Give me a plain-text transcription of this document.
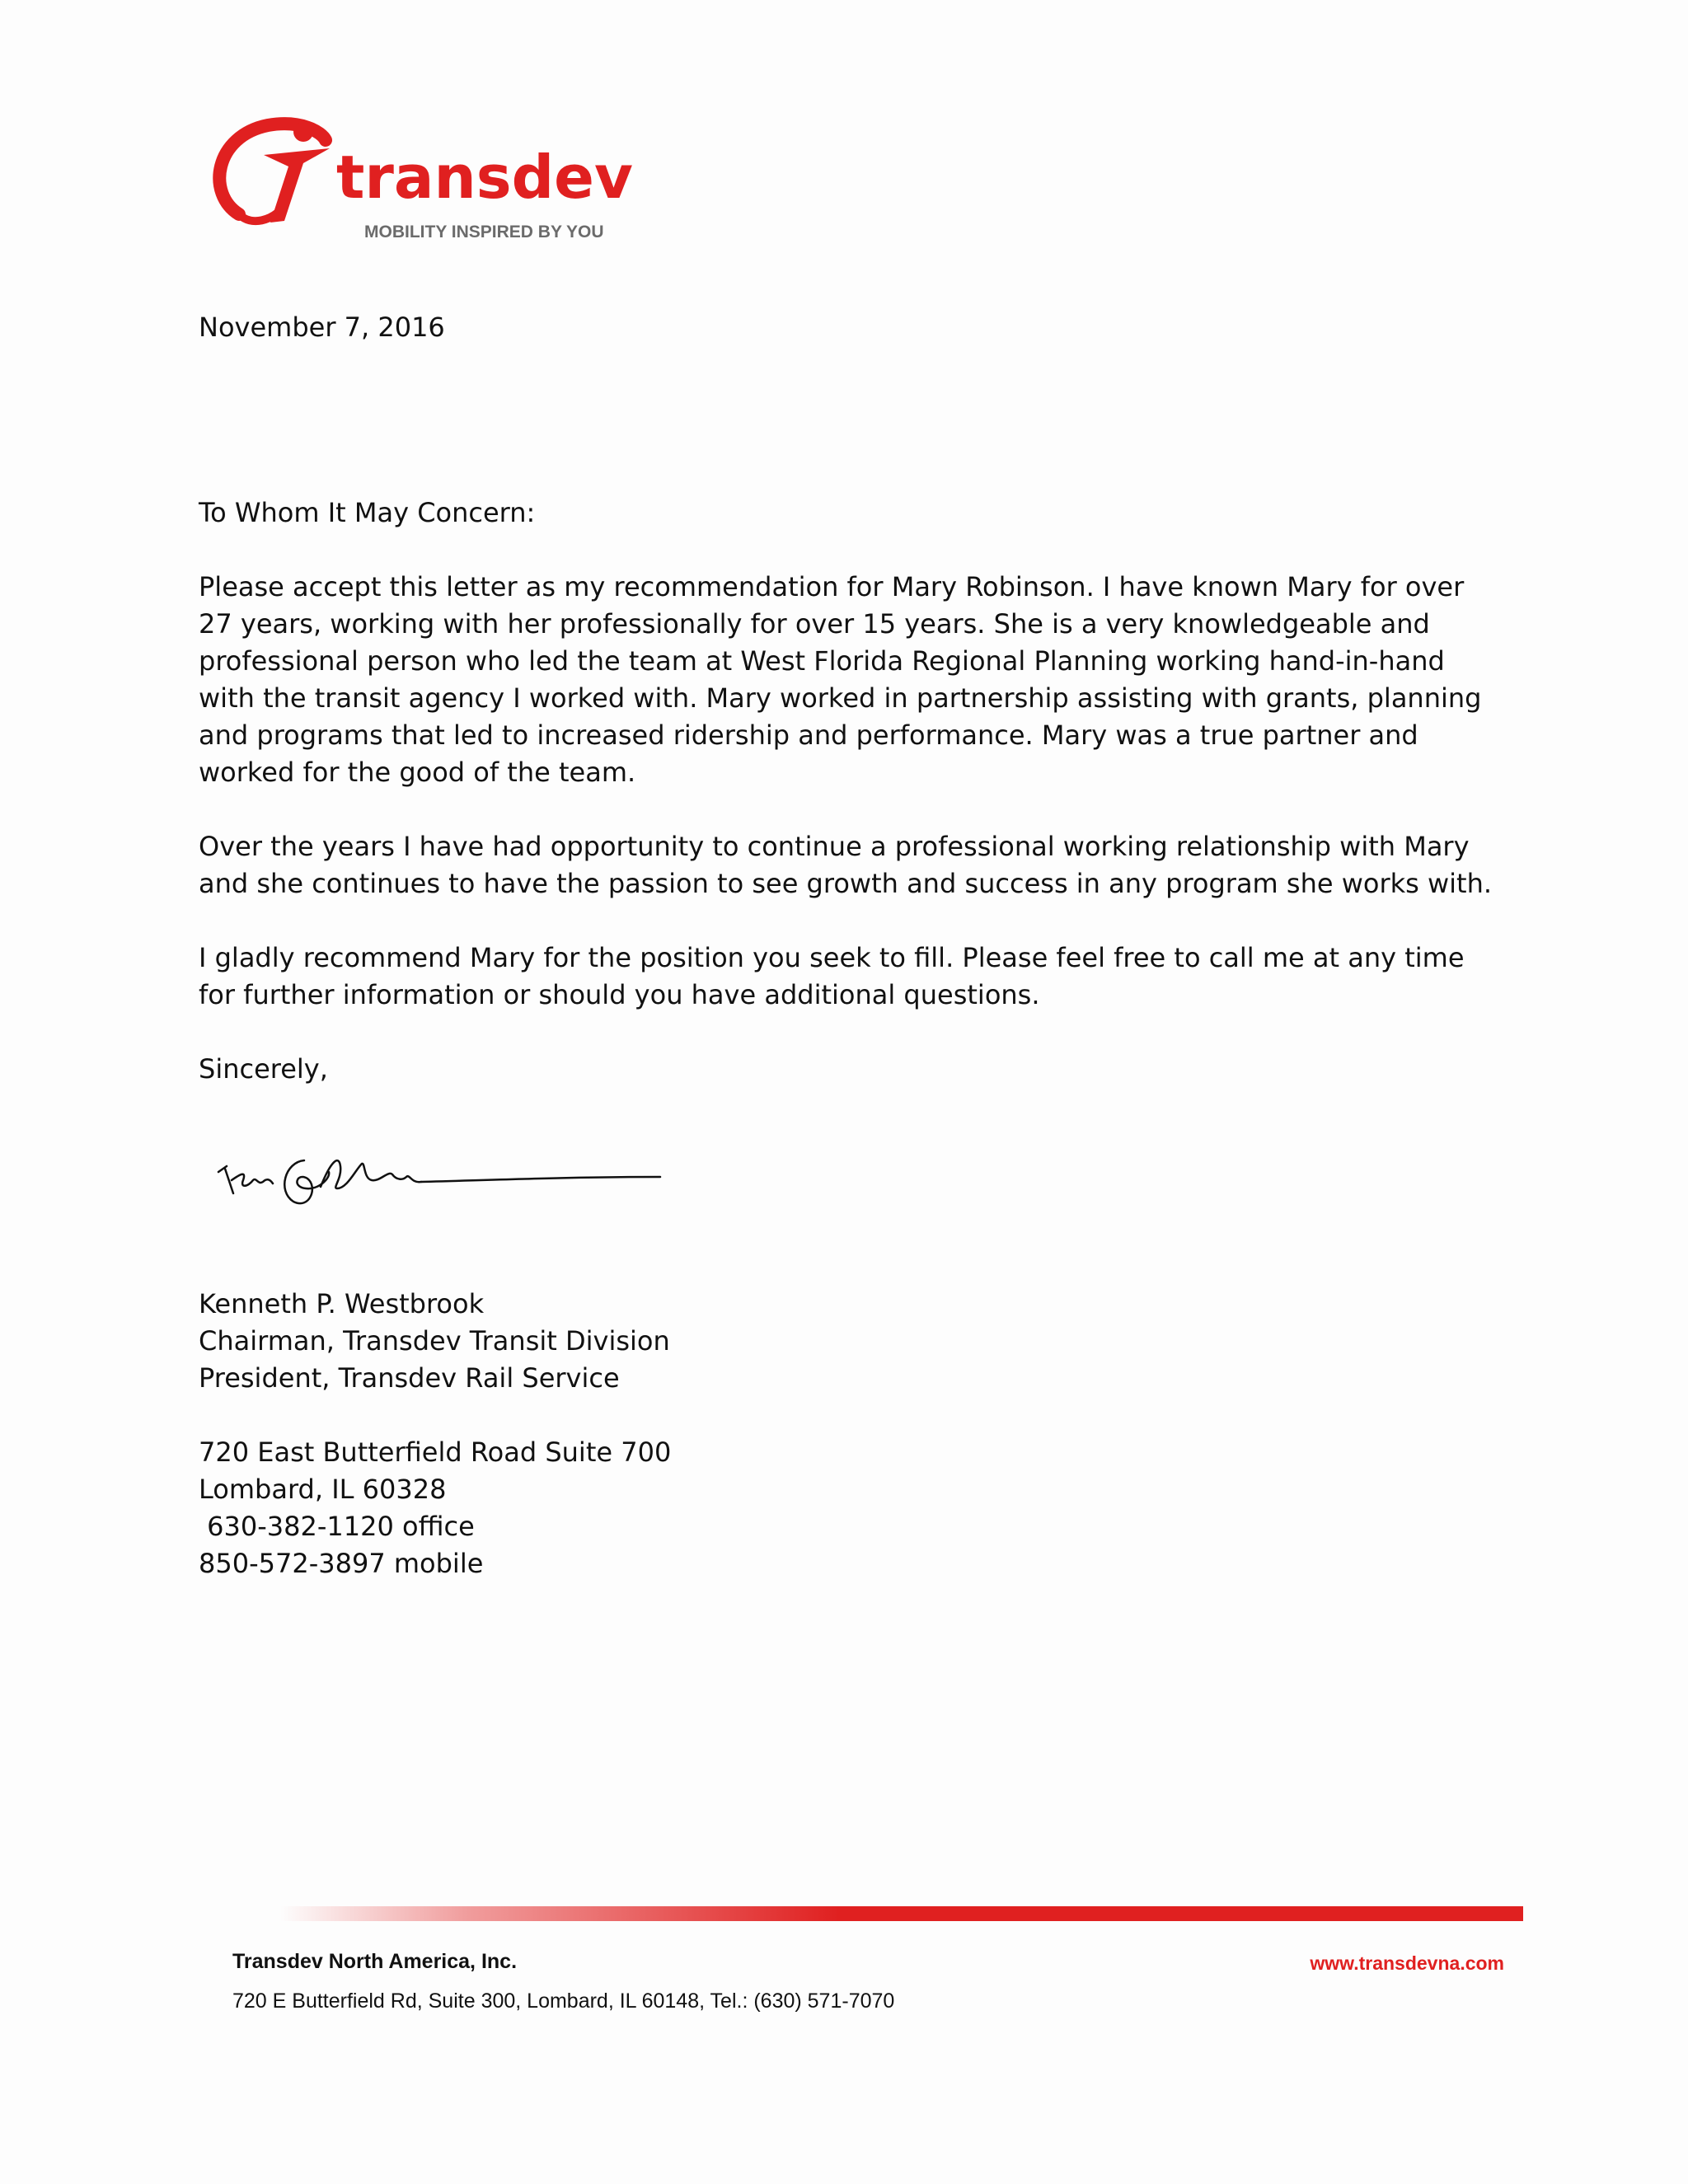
transdev
MOBILITY INSPIRED BY YOU

November 7, 2016

To Whom It May Concern:

Please accept this letter as my recommendation for Mary Robinson. I have known Mary for over 27 years, working with her professionally for over 15 years. She is a very knowledgeable and professional person who led the team at West Florida Regional Planning working hand-in-hand with the transit agency I worked with. Mary worked in partnership assisting with grants, planning and programs that led to increased ridership and performance. Mary was a true partner and worked for the good of the team.

Over the years I have had opportunity to continue a professional working relationship with Mary and she continues to have the passion to see growth and success in any program she works with.

I gladly recommend Mary for the position you seek to fill. Please feel free to call me at any time for further information or should you have additional questions.

Sincerely,

Kenneth P. Westbrook

Chairman, Transdev Transit Division

President, Transdev Rail Service

720 East Butterfield Road Suite 700

Lombard, IL 60328

630-382-1120 office

850-572-3897 mobile

Transdev North America, Inc.	www.transdevna.com
720 E Butterfield Rd, Suite 300, Lombard, IL 60148, Tel.: (630) 571-7070
